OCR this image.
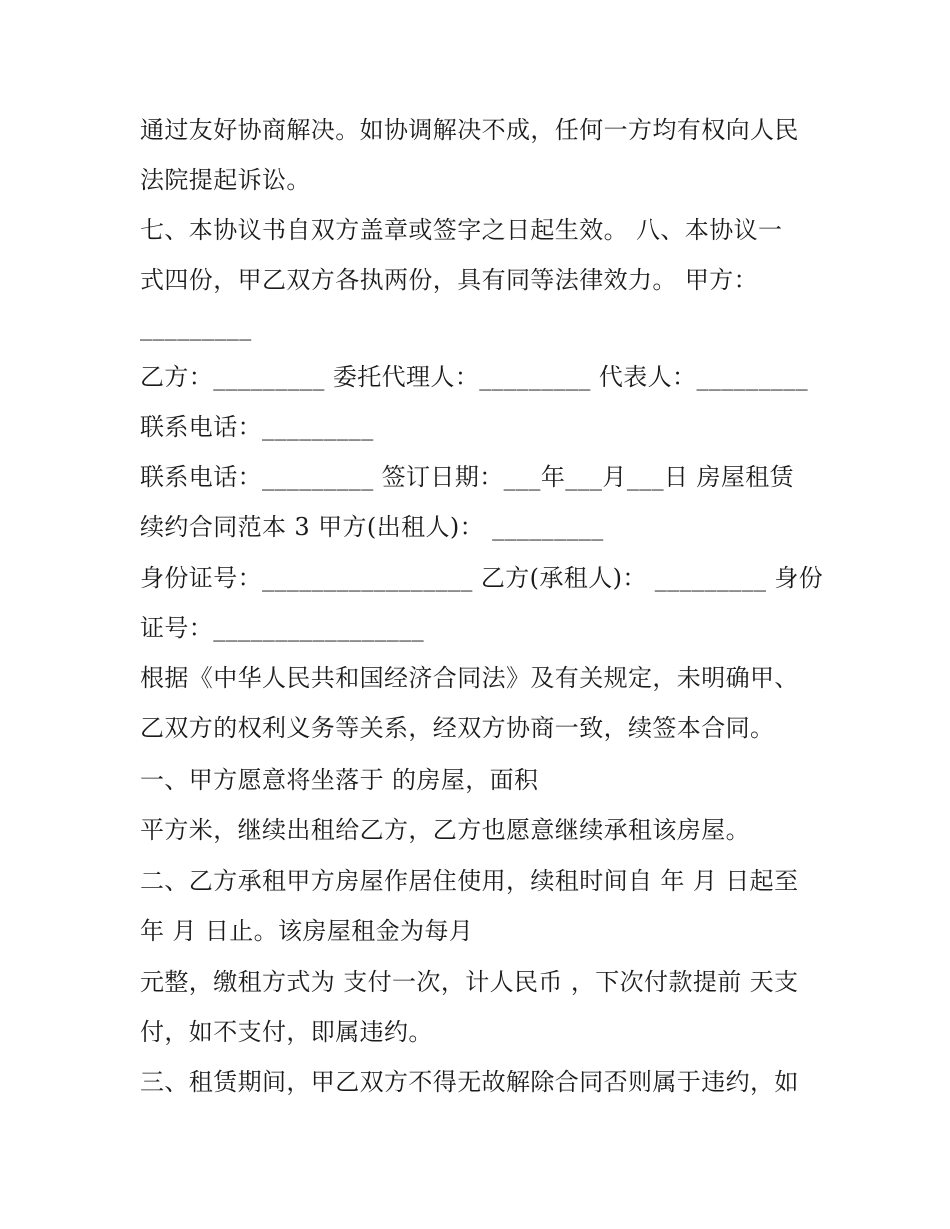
通过友好协商解决。如协调解决不成，任何一方均有权向人民
法院提起诉讼。
七、本协议书自双方盖章或签字之日起生效。 八、本协议一
式四份，甲乙双方各执两份，具有同等法律效力。 甲方：
_________
乙方：_________ 委托代理人：_________ 代表人：_________
联系电话：_________
联系电话：_________ 签订日期：___年___月___日 房屋租赁
续约合同范本 3 甲方(出租人)： _________
身份证号：_________________ 乙方(承租人)： _________ 身份
证号：_________________
根据《中华人民共和国经济合同法》及有关规定，未明确甲、
乙双方的权利义务等关系，经双方协商一致，续签本合同。
一、甲方愿意将坐落于 的房屋，面积
平方米，继续出租给乙方，乙方也愿意继续承租该房屋。
二、乙方承租甲方房屋作居住使用，续租时间自 年 月 日起至
年 月 日止。该房屋租金为每月
元整，缴租方式为 支付一次，计人民币 ，下次付款提前 天支
付，如不支付，即属违约。
三、租赁期间，甲乙双方不得无故解除合同否则属于违约，如
